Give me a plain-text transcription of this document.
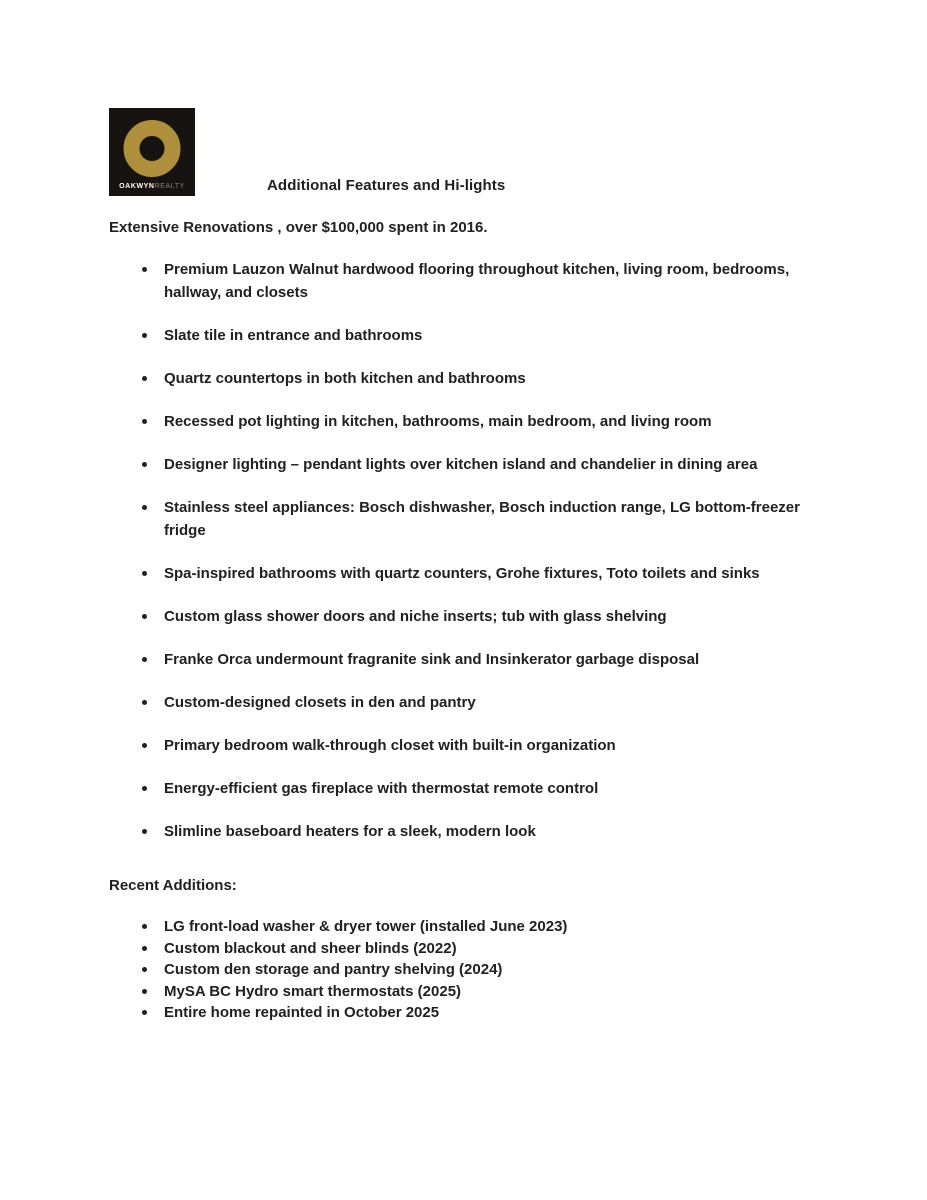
OAKWYNREALTY	Additional Features and Hi-lights

Extensive Renovations , over $100,000 spent in 2016.

Premium Lauzon Walnut hardwood flooring throughout kitchen, living room, bedrooms, hallway, and closets
Slate tile in entrance and bathrooms
Quartz countertops in both kitchen and bathrooms
Recessed pot lighting in kitchen, bathrooms, main bedroom, and living room
Designer lighting – pendant lights over kitchen island and chandelier in dining area
Stainless steel appliances: Bosch dishwasher, Bosch induction range, LG bottom-freezer fridge
Spa-inspired bathrooms with quartz counters, Grohe fixtures, Toto toilets and sinks
Custom glass shower doors and niche inserts; tub with glass shelving
Franke Orca undermount fragranite sink and Insinkerator garbage disposal
Custom-designed closets in den and pantry
Primary bedroom walk-through closet with built-in organization
Energy-efficient gas fireplace with thermostat remote control
Slimline baseboard heaters for a sleek, modern look
Recent Additions:
LG front-load washer & dryer tower (installed June 2023)
Custom blackout and sheer blinds (2022)
Custom den storage and pantry shelving (2024)
MySA BC Hydro smart thermostats (2025)
Entire home repainted in October 2025
